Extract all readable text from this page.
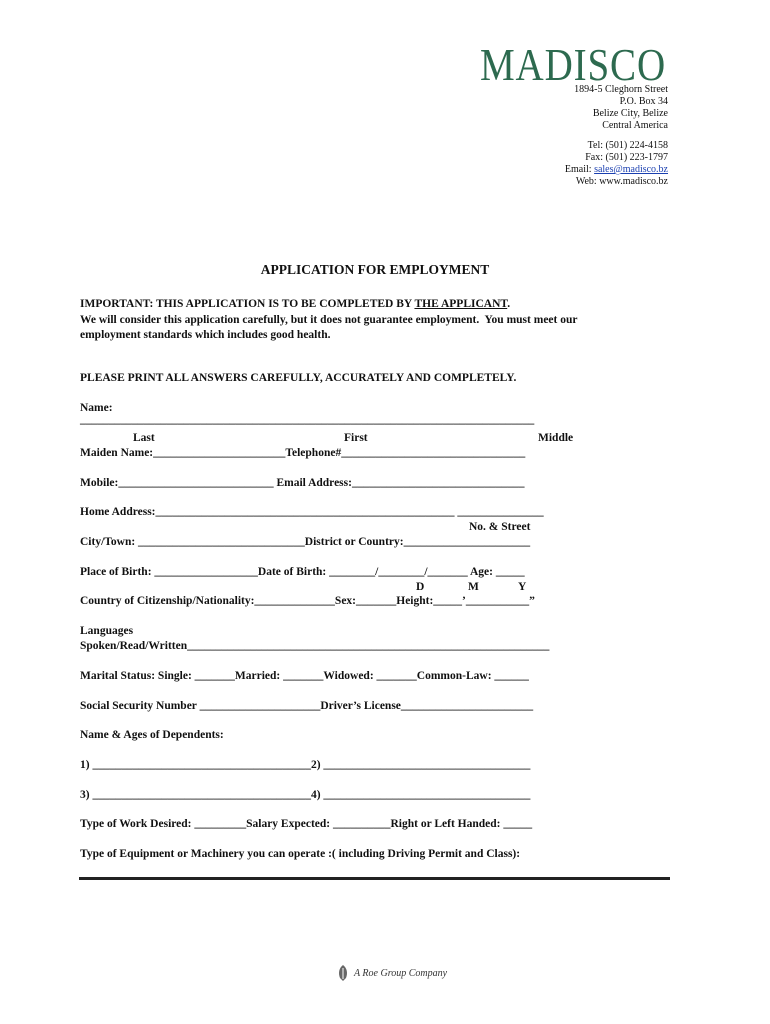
MADISCO
1894-5 Cleghorn Street
P.O. Box 34
Belize City, Belize
Central America
Tel: (501) 224-4158
Fax: (501) 223-1797
Email: sales@madisco.bz
Web: www.madisco.bz
APPLICATION FOR EMPLOYMENT
IMPORTANT: THIS APPLICATION IS TO BE COMPLETED BY THE APPLICANT.
We will consider this application carefully, but it does not guarantee employment.  You must meet our
employment standards which includes good health.
PLEASE PRINT ALL ANSWERS CAREFULLY, ACCURATELY AND COMPLETELY.
Name:
_______________________________________________________________________________
Last	First	Middle
Maiden Name:_______________________Telephone#________________________________
Mobile:___________________________ Email Address:______________________________
Home Address:____________________________________________________ _______________
No. & Street
City/Town: _____________________________District or Country:______________________
Place of Birth: __________________Date of Birth: ________/________/_______ Age: _____
D	M	Y
Country of Citizenship/Nationality:______________Sex:_______Height:_____’___________”
Languages
Spoken/Read/Written_______________________________________________________________
Marital Status: Single: _______Married: _______Widowed: _______Common-Law: ______
Social Security Number _____________________Driver’s License_______________________
Name & Ages of Dependents:
1) ______________________________________2) ____________________________________
3) ______________________________________4) ____________________________________
Type of Work Desired: _________Salary Expected: __________Right or Left Handed: _____
Type of Equipment or Machinery you can operate :( including Driving Permit and Class):
A Roe Group Company
